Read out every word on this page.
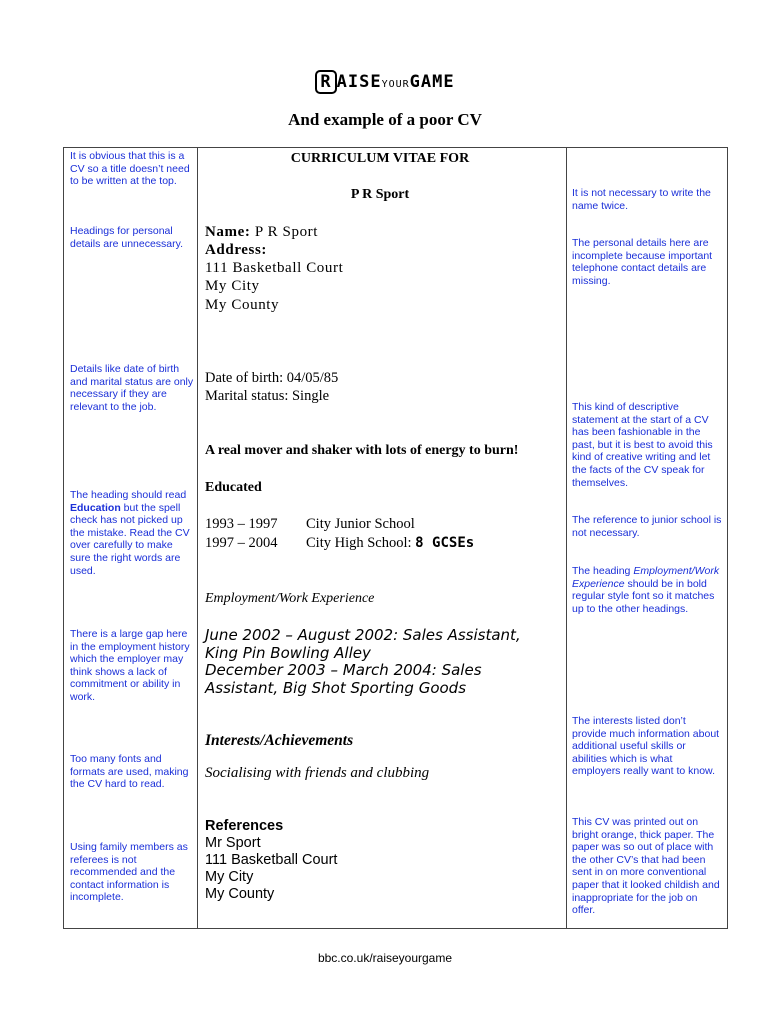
R AISEYOURGAME
And example of a poor CV
It is obvious that this is a CV so a title doesn’t need to be written at the top.
Headings for personal details are unnecessary.
Details like date of birth and marital status are only necessary if they are relevant to the job.
The heading should read Education but the spell check has not picked up the mistake. Read the CV over carefully to make sure the right words are used.
There is a large gap here in the employment history which the employer may think shows a lack of commitment or ability in work.
Too many fonts and formats are used, making the CV hard to read.
Using family members as referees is not recommended and the contact information is incomplete.
It is not necessary to write the name twice.
The personal details here are incomplete because important telephone contact details are missing.
This kind of descriptive statement at the start of a CV has been fashionable in the past, but it is best to avoid this kind of creative writing and let the facts of the CV speak for themselves.
The reference to junior school is not necessary.
The heading Employment/Work Experience should be in bold regular style font so it matches up to the other headings.
The interests listed don’t provide much information about additional useful skills or abilities which is what employers really want to know.
This CV was printed out on bright orange, thick paper. The paper was so out of place with the other CV’s that had been sent in on more conventional paper that it looked childish and inappropriate for the job on offer.
CURRICULUM VITAE FOR
P R Sport
Name: P R Sport
Address:
111 Basketball Court
My City
My County
Date of birth: 04/05/85
Marital status: Single
A real mover and shaker with lots of energy to burn!
Educated
1993 – 1997 City Junior School
1997 – 2004 City High School: 8 GCSEs
Employment/Work Experience
June 2002 – August 2002: Sales Assistant,
King Pin Bowling Alley
December 2003 – March 2004: Sales
Assistant, Big Shot Sporting Goods
Interests/Achievements
Socialising with friends and clubbing
References
Mr Sport
111 Basketball Court
My City
My County
bbc.co.uk/raiseyourgame
